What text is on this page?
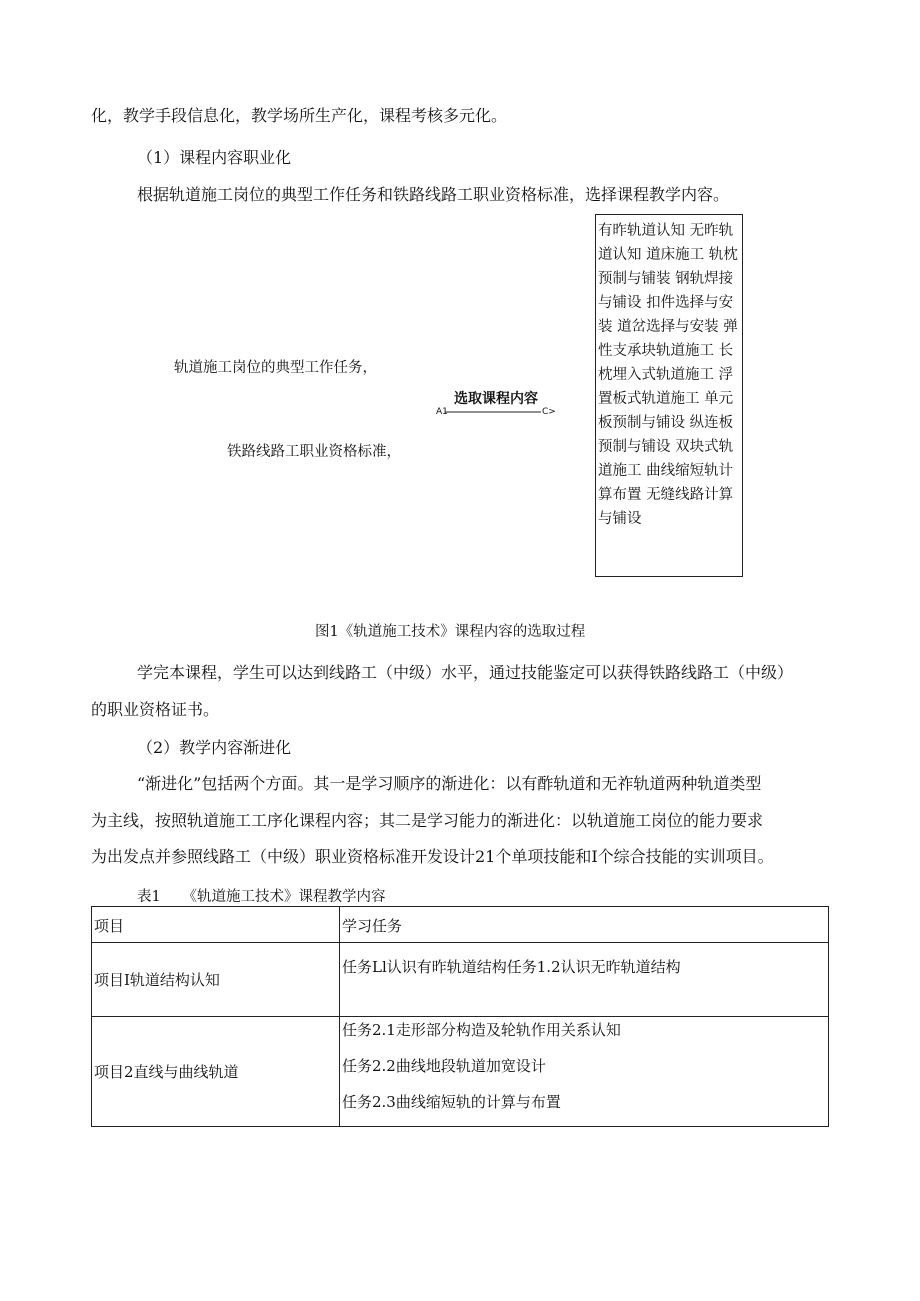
化，教学手段信息化，教学场所生产化，课程考核多元化。
（1）课程内容职业化
根据轨道施工岗位的典型工作任务和铁路线路工职业资格标准，选择课程教学内容。
轨道施工岗位的典型工作任务，
铁路线路工职业资格标准，
选取课程内容
A1	C>
有昨轨道认知 无昨轨道认知 道床施工 轨枕预制与铺装 钢轨焊接与铺设 扣件选择与安装 道岔选择与安装 弹性支承块轨道施工 长枕埋入式轨道施工 浮置板式轨道施工 单元板预制与铺设 纵连板预制与铺设 双块式轨道施工 曲线缩短轨计算布置 无缝线路计算与铺设
图1《轨道施工技术》课程内容的选取过程
学完本课程，学生可以达到线路工（中级）水平，通过技能鉴定可以获得铁路线路工（中级）
的职业资格证书。
（2）教学内容渐进化
“渐进化”包括两个方面。其一是学习顺序的渐进化：以有酢轨道和无祚轨道两种轨道类型
为主线，按照轨道施工工序化课程内容；其二是学习能力的渐进化：以轨道施工岗位的能力要求
为出发点并参照线路工（中级）职业资格标准开发设计21个单项技能和I个综合技能的实训项目。
表1　　《轨道施工技术》课程教学内容
项目	学习任务
项目I轨道结构认知	任务Ll认识有昨轨道结构任务1.2认识无昨轨道结构

项目2直线与曲线轨道	任务2.1走形部分构造及轮轨作用关系认知
任务2.2曲线地段轨道加宽设计
任务2.3曲线缩短轨的计算与布置
